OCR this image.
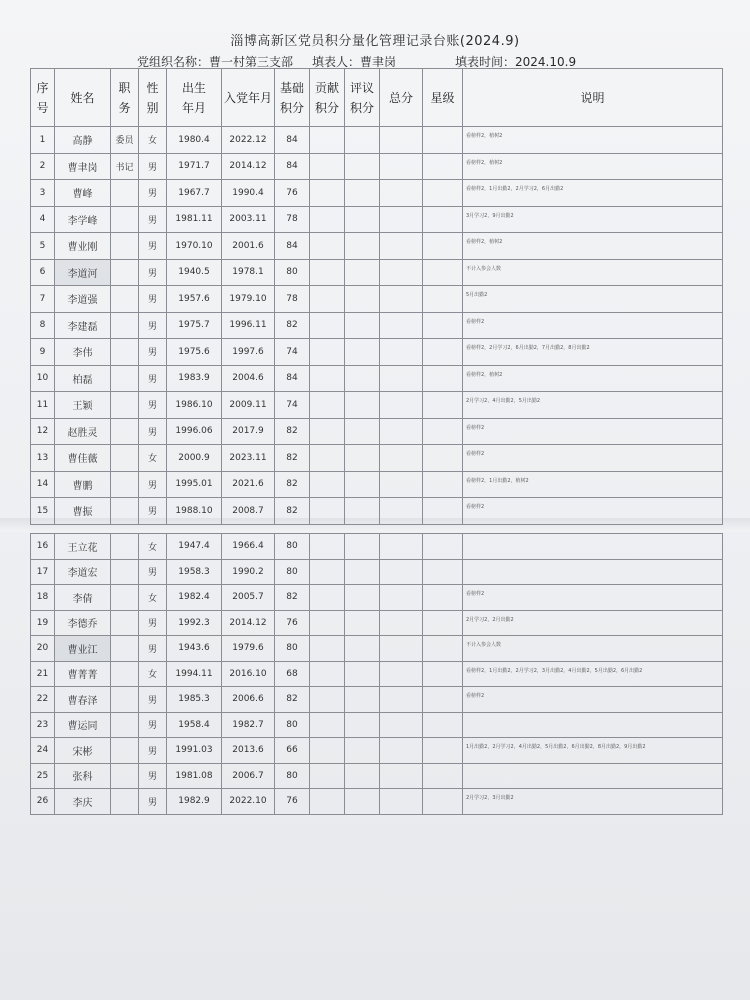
淄博高新区党员积分量化管理记录台账(2024.9)
党组织名称：曹一村第三支部 填表人：曹聿岗	填表时间：2024.10.9
序号	姓名	职务	性别	出生年月	入党年月	基础积分	贡献积分	评议积分	总分	星级	说明
1	高静	委员	女	1980.4	2022.12	84					看榜样2，植树2
2	曹聿岗	书记	男	1971.7	2014.12	84					看榜样2，植树2
3	曹峰		男	1967.7	1990.4	76					看榜样2，1月出勤2，2月学习2，6月出勤2
4	李学峰		男	1981.11	2003.11	78					3月学习2，9月出勤2
5	曹业刚		男	1970.10	2001.6	84					看榜样2，植树2
6	李道河		男	1940.5	1978.1	80					不计入参会人数
7	李道强		男	1957.6	1979.10	78					5月出勤2
8	李建磊		男	1975.7	1996.11	82					看榜样2
9	李伟		男	1975.6	1997.6	74					看榜样2，2月学习2，6月出勤2，7月出勤2，8月出勤2
10	柏磊		男	1983.9	2004.6	84					看榜样2，植树2
11	王颖		男	1986.10	2009.11	74					2月学习2，4月出勤2，5月出勤2
12	赵胜灵		男	1996.06	2017.9	82					看榜样2
13	曹佳薇		女	2000.9	2023.11	82					看榜样2
14	曹鹏		男	1995.01	2021.6	82					看榜样2，1月出勤2，植树2
15	曹振		男	1988.10	2008.7	82					看榜样2
16	王立花		女	1947.4	1966.4	80					
17	李道宏		男	1958.3	1990.2	80					
18	李倩		女	1982.4	2005.7	82					看榜样2
19	李德乔		男	1992.3	2014.12	76					2月学习2，2月出勤2
20	曹业江		男	1943.6	1979.6	80					不计入参会人数
21	曹菁菁		女	1994.11	2016.10	68					看榜样2，1月出勤2，2月学习2，3月出勤2，4月出勤2，5月出勤2，6月出勤2
22	曹春泽		男	1985.3	2006.6	82					看榜样2
23	曹运同		男	1958.4	1982.7	80					
24	宋彬		男	1991.03	2013.6	66					1月出勤2，2月学习2，4月出勤2，5月出勤2，6月出勤2，8月出勤2，9月出勤2
25	张科		男	1981.08	2006.7	80					
26	李庆		男	1982.9	2022.10	76					2月学习2，3月出勤2
